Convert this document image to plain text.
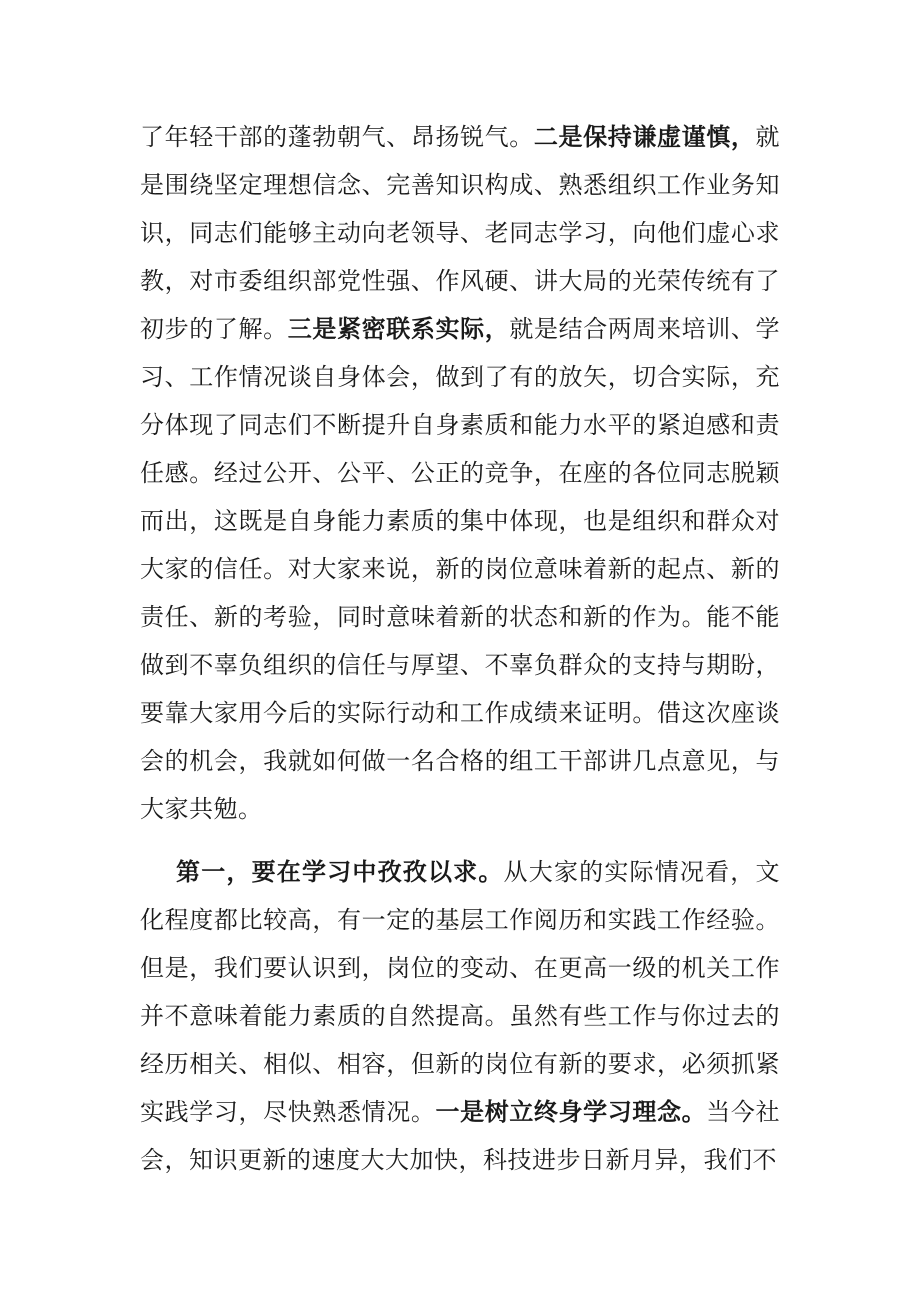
了年轻干部的蓬勃朝气、昂扬锐气。二是保持谦虚谨慎，就是围绕坚定理想信念、完善知识构成、熟悉组织工作业务知识，同志们能够主动向老领导、老同志学习，向他们虚心求教，对市委组织部党性强、作风硬、讲大局的光荣传统有了初步的了解。三是紧密联系实际，就是结合两周来培训、学习、工作情况谈自身体会，做到了有的放矢，切合实际，充分体现了同志们不断提升自身素质和能力水平的紧迫感和责任感。经过公开、公平、公正的竞争，在座的各位同志脱颖而出，这既是自身能力素质的集中体现，也是组织和群众对大家的信任。对大家来说，新的岗位意味着新的起点、新的责任、新的考验，同时意味着新的状态和新的作为。能不能做到不辜负组织的信任与厚望、不辜负群众的支持与期盼，要靠大家用今后的实际行动和工作成绩来证明。借这次座谈会的机会，我就如何做一名合格的组工干部讲几点意见，与大家共勉。

第一，要在学习中孜孜以求。从大家的实际情况看，文化程度都比较高，有一定的基层工作阅历和实践工作经验。但是，我们要认识到，岗位的变动、在更高一级的机关工作并不意味着能力素质的自然提高。虽然有些工作与你过去的经历相关、相似、相容，但新的岗位有新的要求，必须抓紧实践学习，尽快熟悉情况。一是树立终身学习理念。当今社会，知识更新的速度大大加快，科技进步日新月异，我们不
